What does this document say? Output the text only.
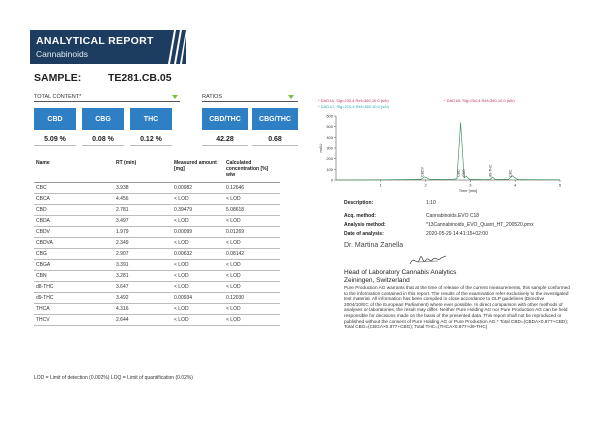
ANALYTICAL REPORT
Cannabinoids
SAMPLE:	TE281.CB.05
TOTAL CONTENT*	RATIOS
CBD
5.09 %
CBG
0.08 %
THC
0.12 %
CBD/THC
42.28
CBG/THC
0.68
Name	RT (min)	Measured amount [mg]	Calculated concentration [%] w/w
CBC	3.938	0.00982	0.12646
CBCA	4.456	< LOD	< LOD
CBD	2.781	0.39479	5.08618
CBDA	3.497	< LOD	< LOD
CBDV	1.979	0.00099	0.01269
CBDVA	2.349	< LOD	< LOD
CBG	2.907	0.00632	0.08142
CBGA	3.391	< LOD	< LOD
CBN	3.281	< LOD	< LOD
d8-THC	3.647	< LOD	< LOD
d9-THC	3.492	0.00934	0.12030
THCA	4.316	< LOD	< LOD
THCV	2.644	< LOD	< LOD
LOD = Limit of detection (0.002%) LOQ = Limit of quantification (0.02%)
* DAD1A, Sig=230,4 Ref=360,10.0 (s/b)	* DAD1B, Sig=254,4 Ref=360,10.0 (s/b)
* DAD1C, Sig=210,4 Ref=360,10.0 (s/b)
600
500
400
300
200
100
0
1	2	3	4	5
mAU
Time [min]
CBDV	CBD CBG	d9-THC	CBC
Description:	1:10
Acq. method:	Cannabinoids.EVO C18
Analysis method:	*13Cannabinoids_EVO_Quant_HT_200520.pmx
Date of analysis:	2020-05-29 14:41:15+02:00
Dr. Martina Zanella
Head of Laboratory Cannabis Analytics
Zeiningen, Switzerland
Pure Production AG warrants that at the time of release of the current measurements, this sample conformed to the information contained in this report. The results of the examination refer exclusively to the investigated test material. All information has been compiled in close accordance to GLP guidelines (Directive 2004/10/EC of the European Parliament) where ever possible. In direct comparison with other methods of analyses or laboratories, the result may differ. Neither Pure Holding AG nor Pure Production AG can be held responsible for decisions made on the basis of the presented data. This report shall not be reproduced or published without the consent of Pure Holding AG or Pure Production AG.* Total CBD=(CBDA×0.877+CBD); Total CBG=(CBGA×0.877+CBG); Total THC=(THCA×0.877+d9-THC)
